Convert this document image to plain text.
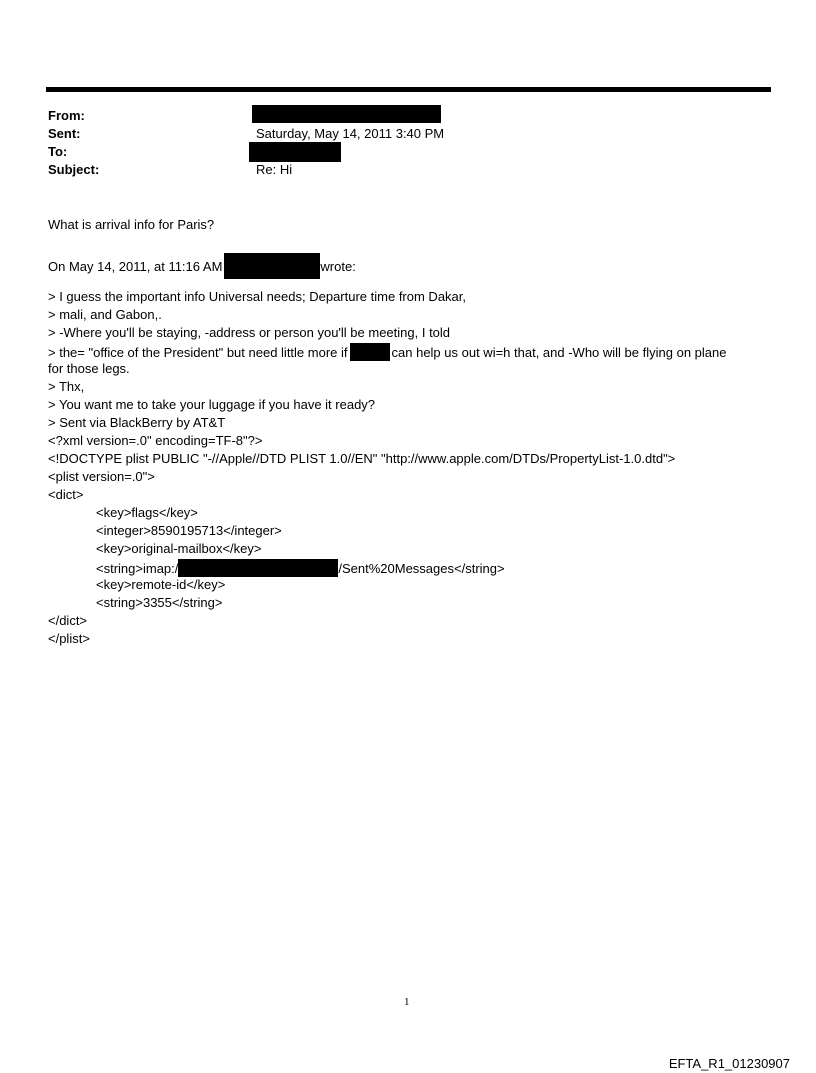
From:
Sent:	Saturday, May 14, 2011 3:40 PM
To:
Subject:	Re: Hi
What is arrival info for Paris?
On May 14, 2011, at 11:16 AM	wrote:
> I guess the important info Universal needs; Departure time from Dakar,
> mali, and Gabon,.
> -Where you'll be staying, -address or person you'll be meeting, I told
> the= "office of the President" but need little more if	can help us out wi=h that, and -Who will be flying on plane
for those legs.
> Thx,
> You want me to take your luggage if you have it ready?
> Sent via BlackBerry by AT&T
<?xml version=.0" encoding=TF-8"?>
<!DOCTYPE plist PUBLIC "-//Apple//DTD PLIST 1.0//EN" "http://www.apple.com/DTDs/PropertyList-1.0.dtd">
<plist version=.0">
<dict>
<key>flags</key>
<integer>8590195713</integer>
<key>original-mailbox</key>
<string>imap:/	/Sent%20Messages</string>
<key>remote-id</key>
<string>3355</string>
</dict>
</plist>
1
EFTA_R1_01230907
